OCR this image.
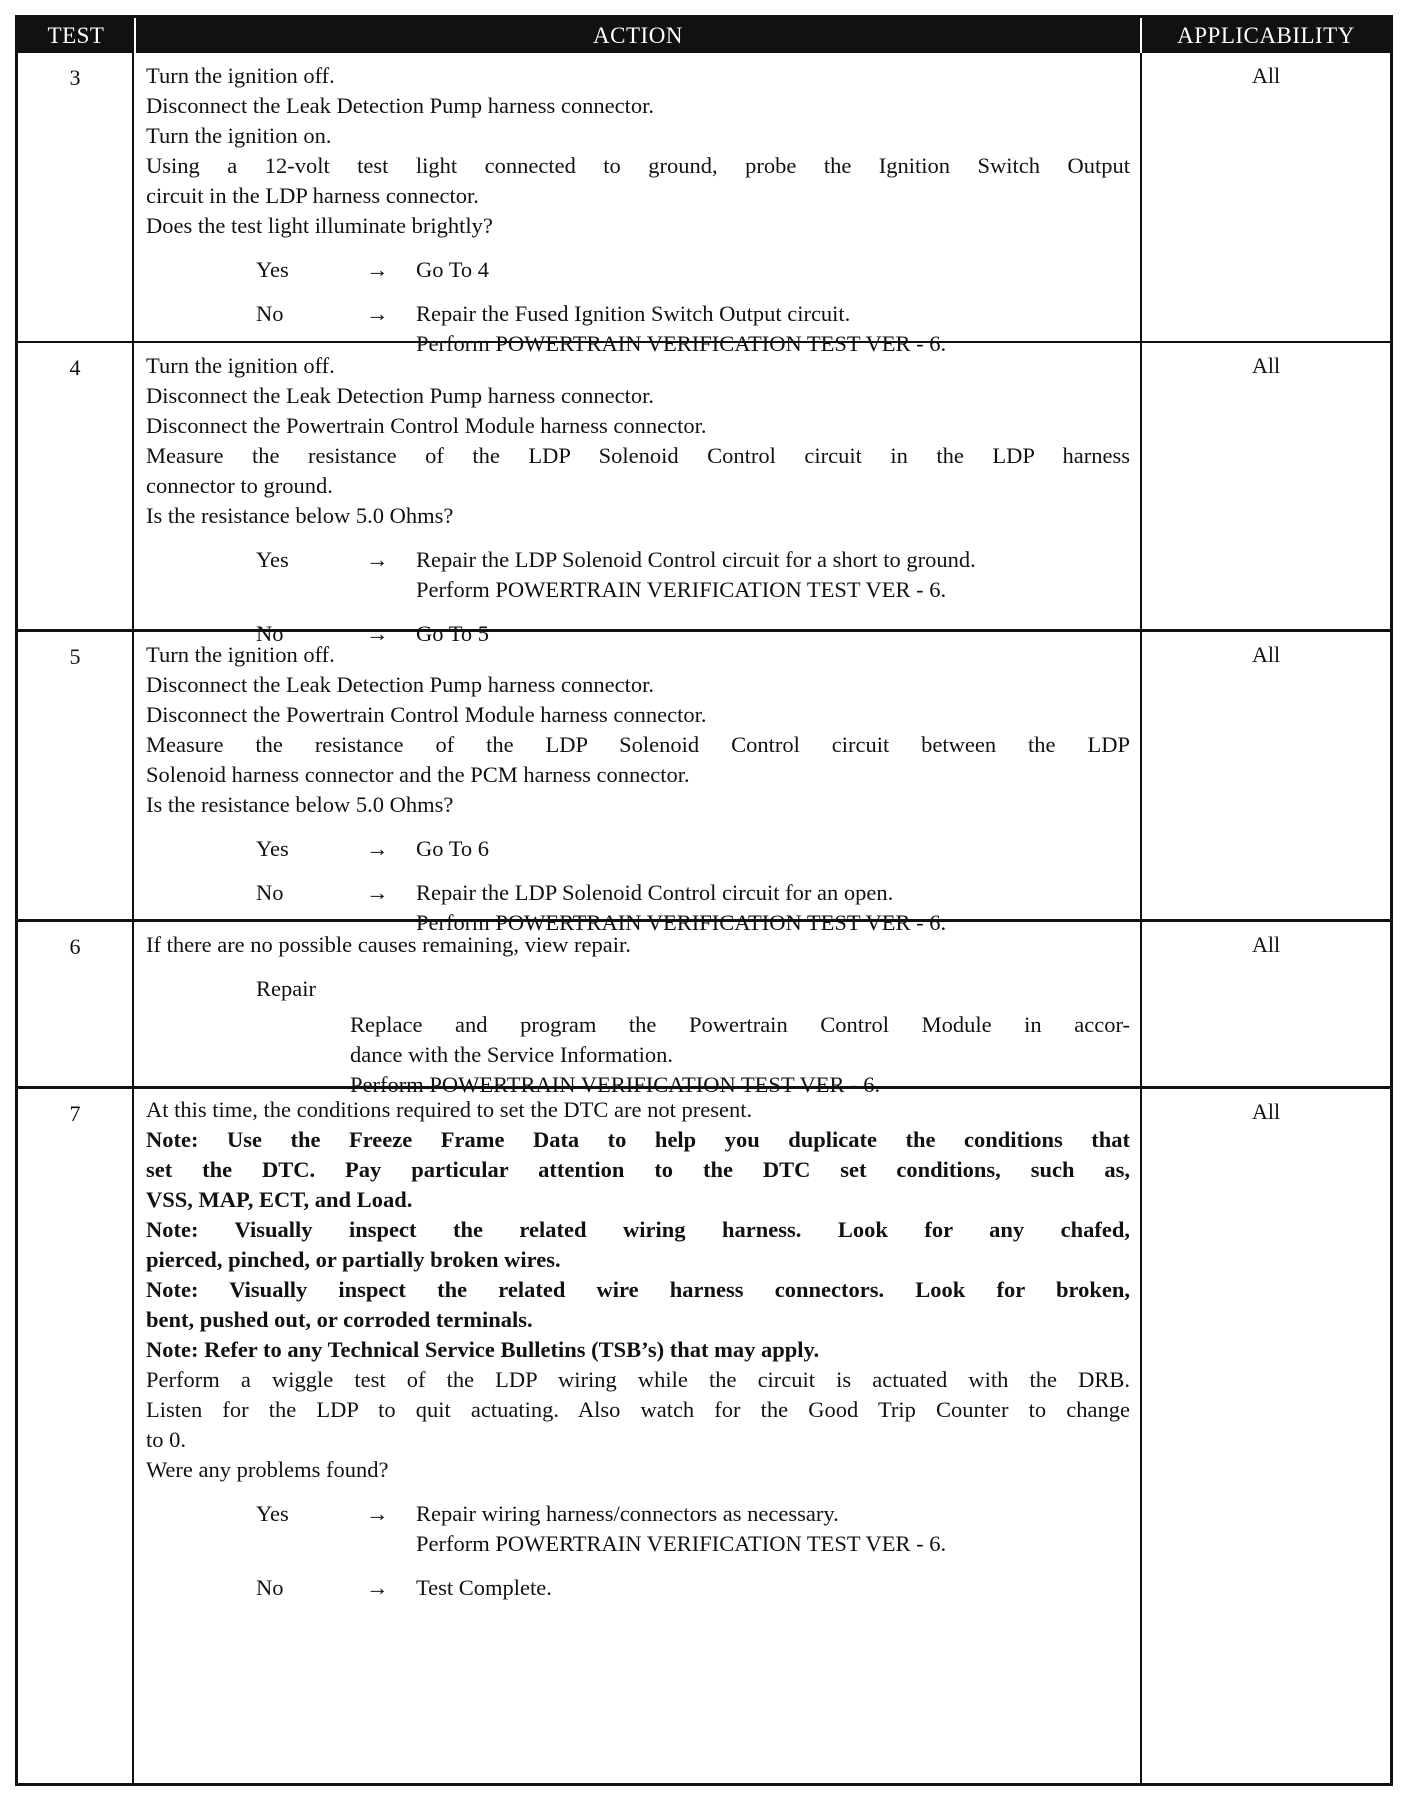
TEST	ACTION	APPLICABILITY
3	Turn the ignition off.
Disconnect the Leak Detection Pump harness connector.
Turn the ignition on.
Using a 12-volt test light connected to ground, probe the Ignition Switch Output
circuit in the LDP harness connector.
Does the test light illuminate brightly?
Yes	→	Go To 4
No	→	Repair the Fused Ignition Switch Output circuit.
Perform POWERTRAIN VERIFICATION TEST VER - 6.
All
4	Turn the ignition off.
Disconnect the Leak Detection Pump harness connector.
Disconnect the Powertrain Control Module harness connector.
Measure the resistance of the LDP Solenoid Control circuit in the LDP harness
connector to ground.
Is the resistance below 5.0 Ohms?
Yes	→	Repair the LDP Solenoid Control circuit for a short to ground.
Perform POWERTRAIN VERIFICATION TEST VER - 6.
No	→	Go To 5
All
5	Turn the ignition off.
Disconnect the Leak Detection Pump harness connector.
Disconnect the Powertrain Control Module harness connector.
Measure the resistance of the LDP Solenoid Control circuit between the LDP
Solenoid harness connector and the PCM harness connector.
Is the resistance below 5.0 Ohms?
Yes	→	Go To 6
No	→	Repair the LDP Solenoid Control circuit for an open.
Perform POWERTRAIN VERIFICATION TEST VER - 6.
All
6	If there are no possible causes remaining, view repair.
Repair
Replace and program the Powertrain Control Module in accor-
dance with the Service Information.
Perform POWERTRAIN VERIFICATION TEST VER - 6.
All
7	At this time, the conditions required to set the DTC are not present.
Note: Use the Freeze Frame Data to help you duplicate the conditions that
set the DTC. Pay particular attention to the DTC set conditions, such as,
VSS, MAP, ECT, and Load.
Note: Visually inspect the related wiring harness. Look for any chafed,
pierced, pinched, or partially broken wires.
Note: Visually inspect the related wire harness connectors. Look for broken,
bent, pushed out, or corroded terminals.
Note: Refer to any Technical Service Bulletins (TSB’s) that may apply.
Perform a wiggle test of the LDP wiring while the circuit is actuated with the DRB.
Listen for the LDP to quit actuating. Also watch for the Good Trip Counter to change
to 0.
Were any problems found?
Yes	→	Repair wiring harness/connectors as necessary.
Perform POWERTRAIN VERIFICATION TEST VER - 6.
No	→	Test Complete.
All
